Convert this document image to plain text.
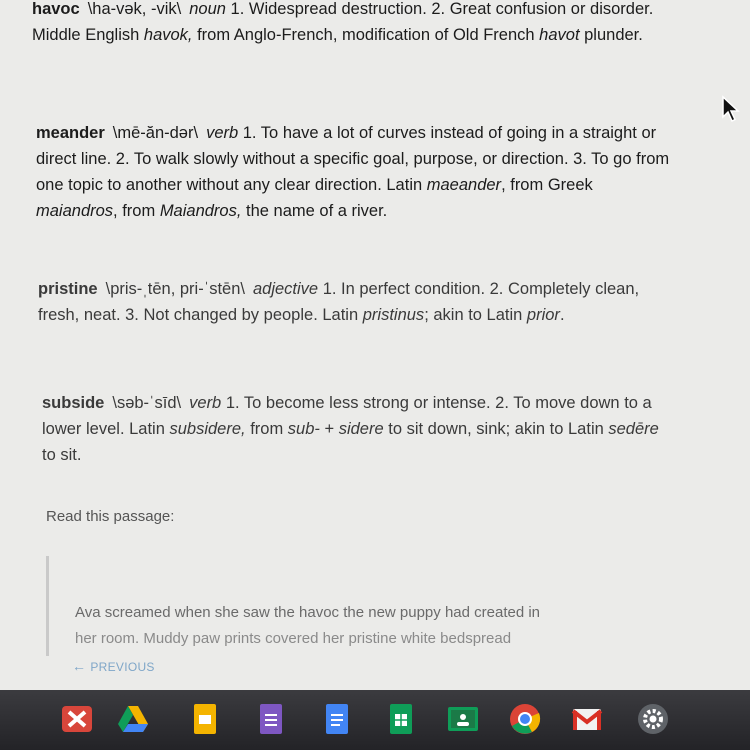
havoc \ha-vək, -vik\ noun 1. Widespread destruction. 2. Great confusion or disorder. Middle English havok, from Anglo-French, modification of Old French havot plunder.
meander \mē-ăn-dər\ verb 1. To have a lot of curves instead of going in a straight or direct line. 2. To walk slowly without a specific goal, purpose, or direction. 3. To go from one topic to another without any clear direction. Latin maeander, from Greek maiandros, from Maiandros, the name of a river.
pristine \pris-ˌtēn, pri-ˈstēn\ adjective 1. In perfect condition. 2. Completely clean, fresh, neat. 3. Not changed by people. Latin pristinus; akin to Latin prior.
subside \səb-ˈsīd\ verb 1. To become less strong or intense. 2. To move down to a lower level. Latin subsidere, from sub- + sidere to sit down, sink; akin to Latin sedēre to sit.
Read this passage:
Ava screamed when she saw the havoc the new puppy had created in
her room. Muddy paw prints covered her pristine white bedspread
← PREVIOUS
